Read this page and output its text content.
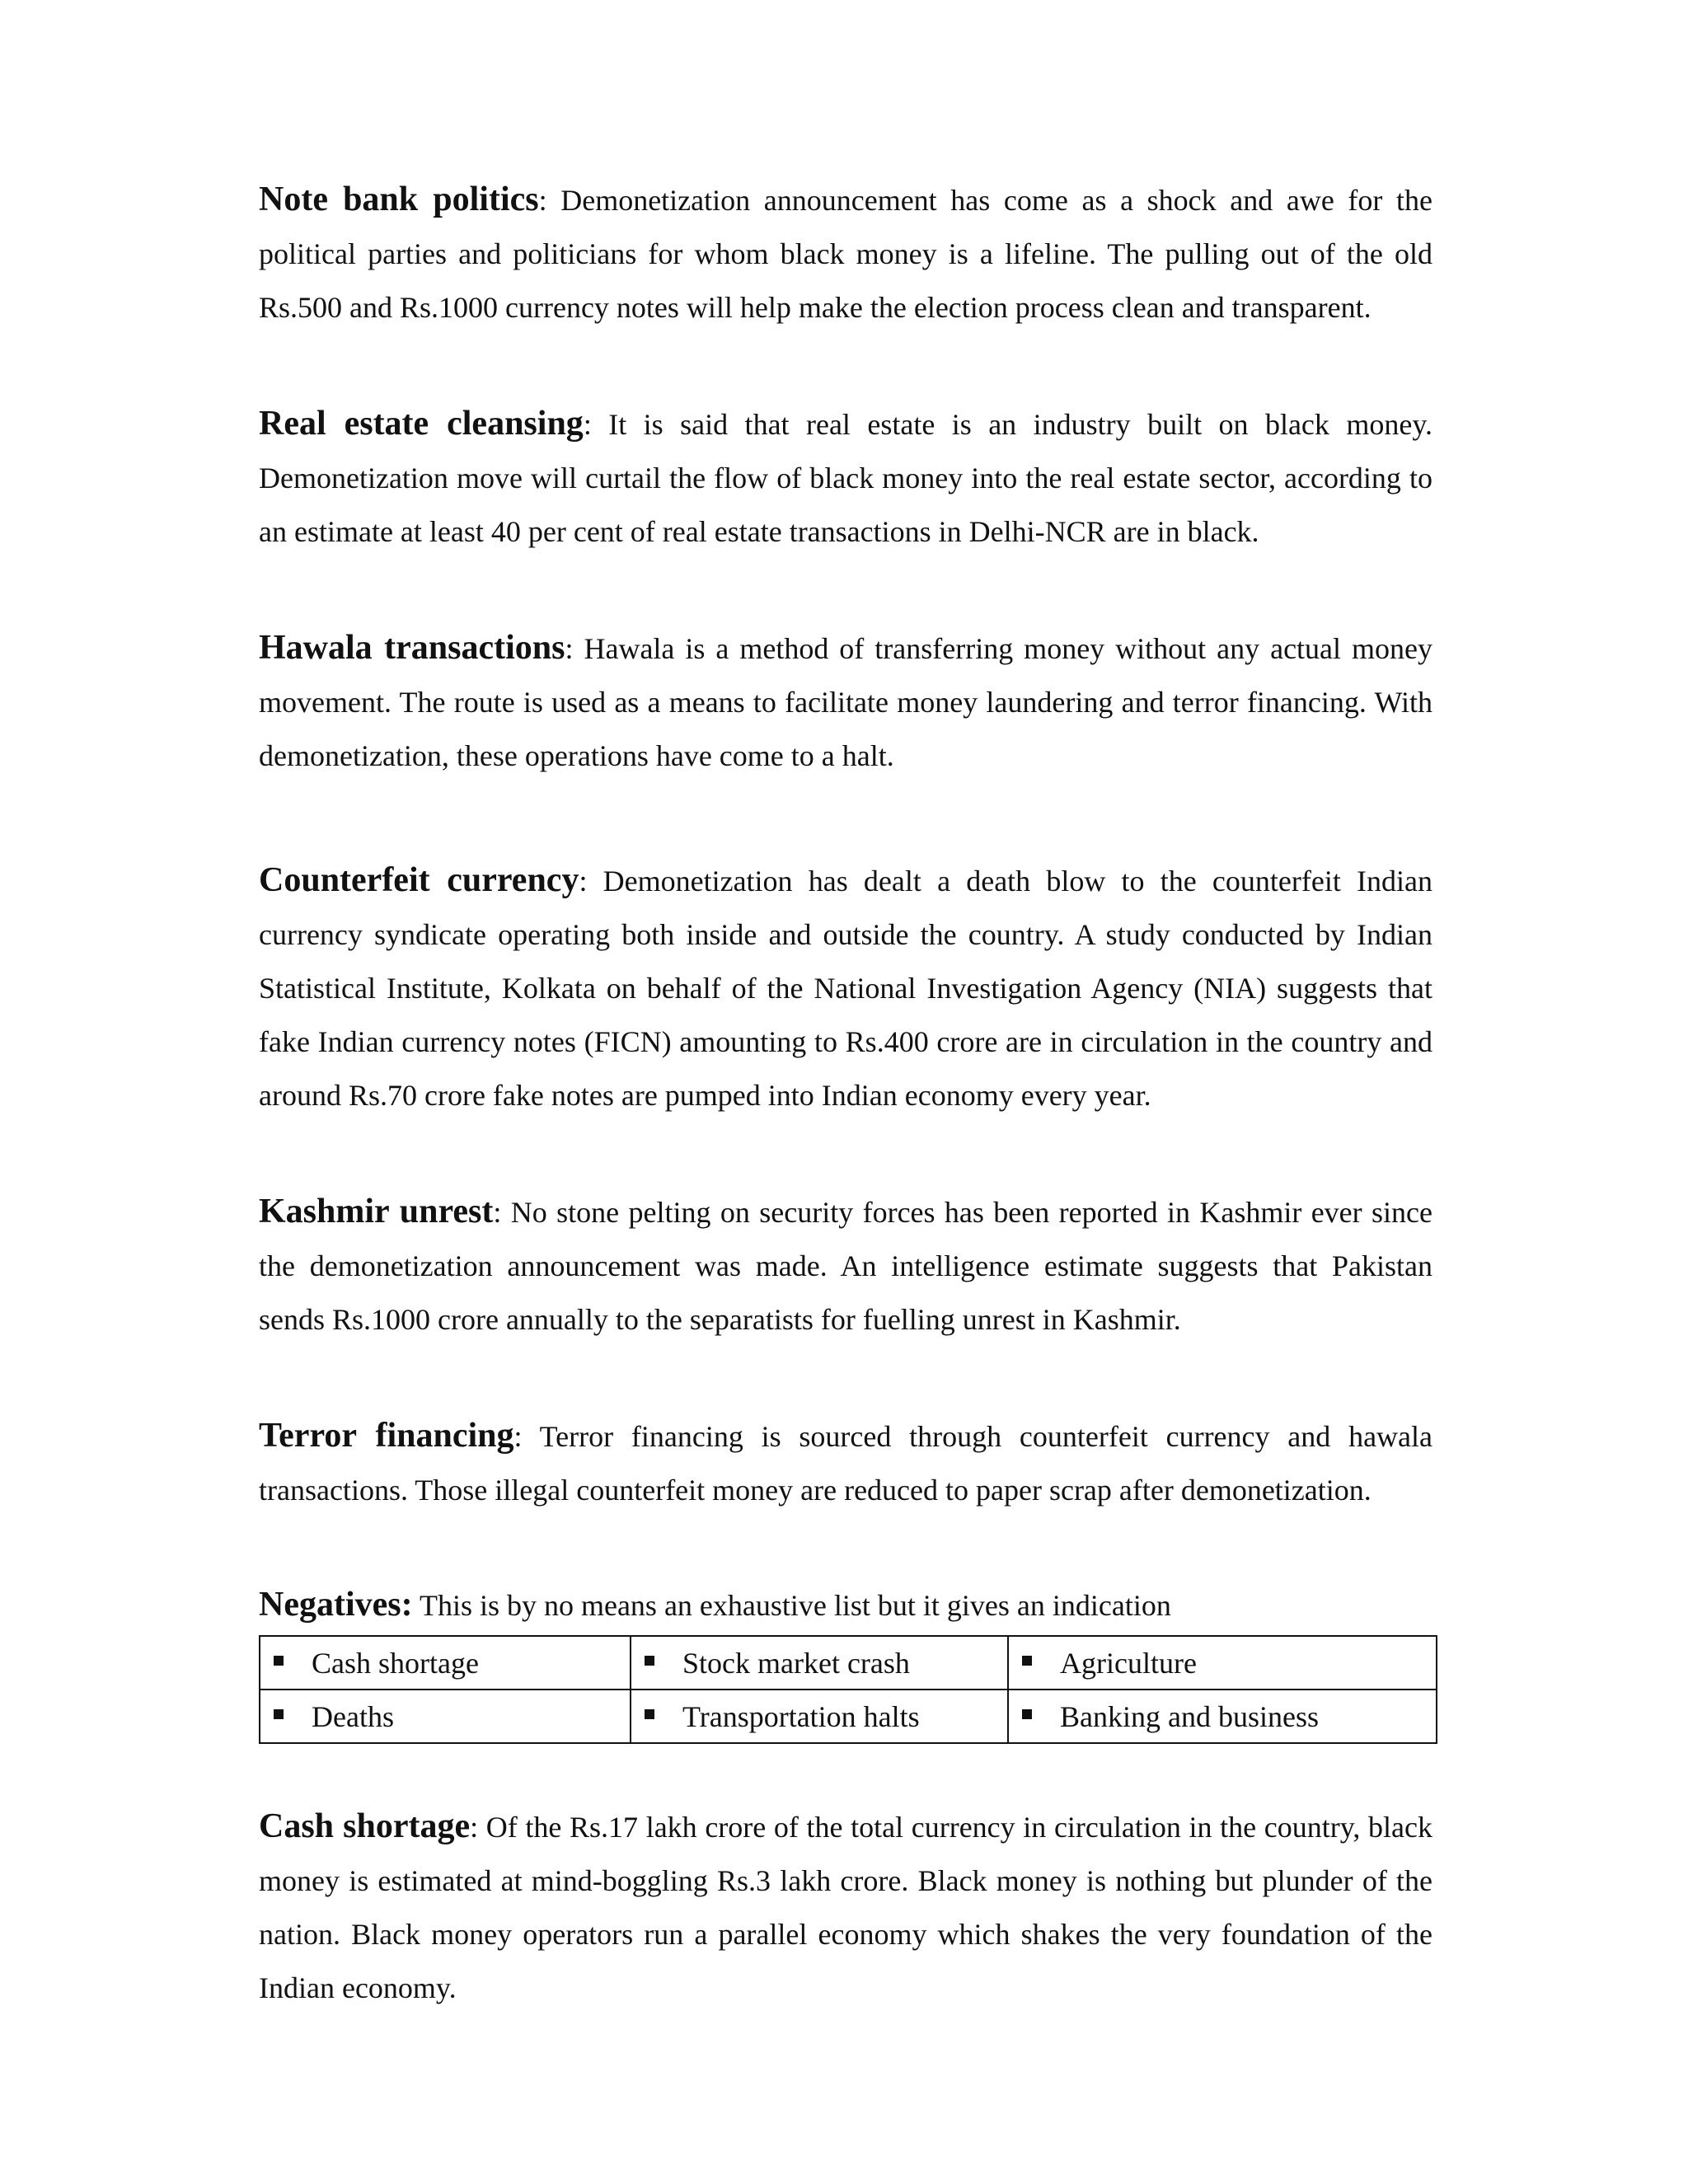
Note bank politics: Demonetization announcement has come as a shock and awe for the political parties and politicians for whom black money is a lifeline. The pulling out of the old Rs.500 and Rs.1000 currency notes will help make the election process clean and transparent.

Real estate cleansing: It is said that real estate is an industry built on black money. Demonetization move will curtail the flow of black money into the real estate sector, according to an estimate at least 40 per cent of real estate transactions in Delhi-NCR are in black.

Hawala transactions: Hawala is a method of transferring money without any actual money movement. The route is used as a means to facilitate money laundering and terror financing. With demonetization, these operations have come to a halt.

Counterfeit currency: Demonetization has dealt a death blow to the counterfeit Indian currency syndicate operating both inside and outside the country. A study conducted by Indian Statistical Institute, Kolkata on behalf of the National Investigation Agency (NIA) suggests that fake Indian currency notes (FICN) amounting to Rs.400 crore are in circulation in the country and around Rs.70 crore fake notes are pumped into Indian economy every year.

Kashmir unrest: No stone pelting on security forces has been reported in Kashmir ever since the demonetization announcement was made. An intelligence estimate suggests that Pakistan sends Rs.1000 crore annually to the separatists for fuelling unrest in Kashmir.

Terror financing: Terror financing is sourced through counterfeit currency and hawala transactions. Those illegal counterfeit money are reduced to paper scrap after demonetization.

Negatives: This is by no means an exhaustive list but it gives an indication

Cash shortage	Stock market crash	Agriculture
Deaths	Transportation halts	Banking and business

Cash shortage: Of the Rs.17 lakh crore of the total currency in circulation in the country, black money is estimated at mind-boggling Rs.3 lakh crore. Black money is nothing but plunder of the nation. Black money operators run a parallel economy which shakes the very foundation of the Indian economy.
